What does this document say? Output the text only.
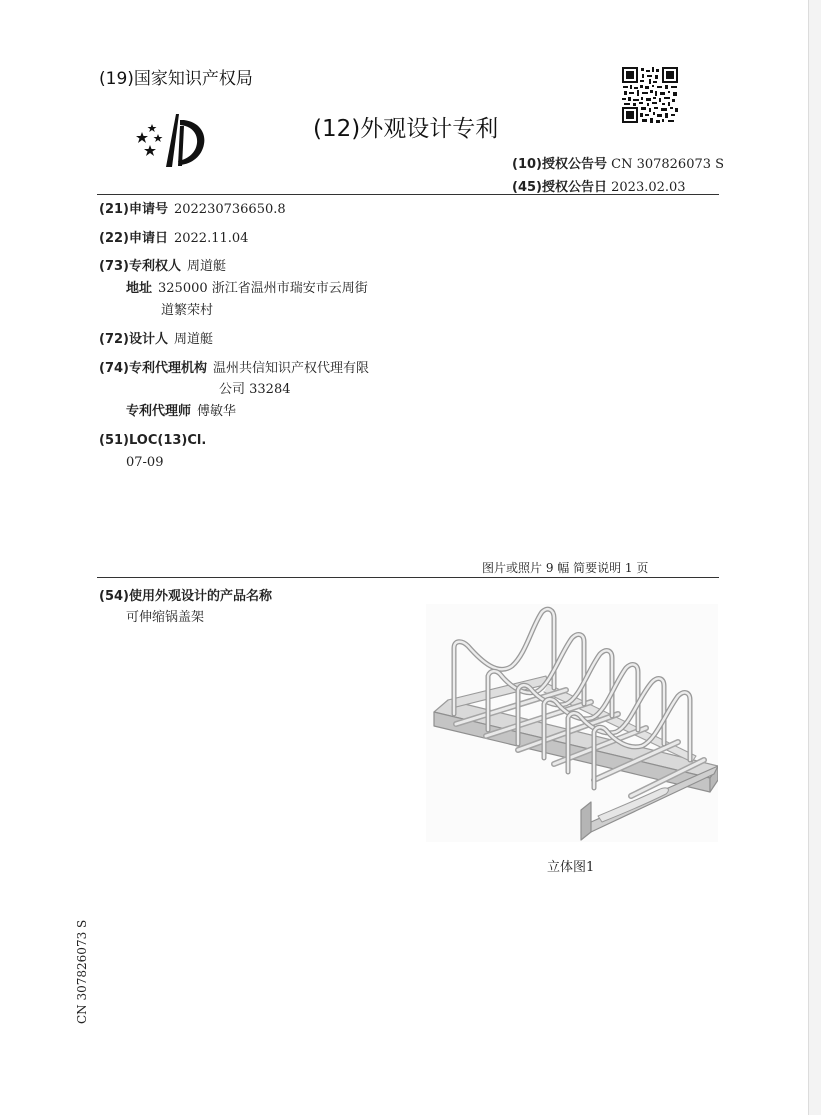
(19)国家知识产权局
(12)外观设计专利
(10)授权公告号 CN 307826073 S
(45)授权公告日 2023.02.03
(21)申请号 202230736650.8
(22)申请日 2022.11.04
(73)专利权人 周道艇
地址 325000 浙江省温州市瑞安市云周街
道繁荣村
(72)设计人 周道艇
(74)专利代理机构 温州共信知识产权代理有限
公司 33284
专利代理师 傅敏华
(51)LOC(13)Cl.
07-09
图片或照片 9 幅 简要说明 1 页
(54)使用外观设计的产品名称
可伸缩锅盖架
立体图1
CN 307826073 S
